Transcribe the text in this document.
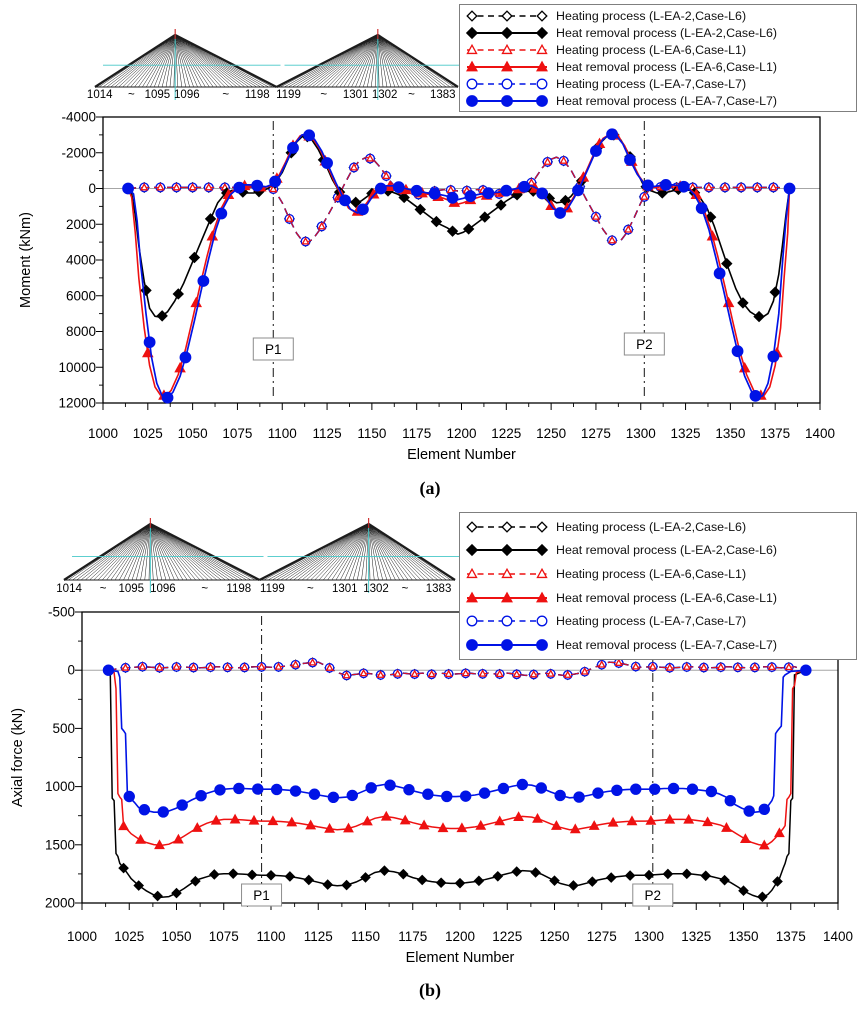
1000 1025 1050 1075 1100 1125 1150 1175 1200 1225 1250 1275 1300 1325 1350 1375 1400
Element Number
-4000
-2000
0
2000
4000
6000
8000
10000
12000
Moment (kNm)
P1	P2
1014 ~ 1095 1096 ~ 1198 1199 ~ 1301 1302 ~ 1383
1000 1025 1050 1075 1100 1125 1150 1175 1200 1225 1250 1275 1300 1325 1350 1375 1400
Element Number
-500
0
500
1000
1500
2000
Axial force (kN)
P1	P2
1014 ~ 1095 1096 ~ 1198 1199 ~ 1301 1302 ~ 1383
Heating process (L-EA-2,Case-L6)
Heat removal process (L-EA-2,Case-L6)
Heating process (L-EA-6,Case-L1)
Heat removal process (L-EA-6,Case-L1)
Heating process (L-EA-7,Case-L7)
Heat removal process (L-EA-7,Case-L7)
Heating process (L-EA-2,Case-L6)
Heat removal process (L-EA-2,Case-L6)
Heating process (L-EA-6,Case-L1)
Heat removal process (L-EA-6,Case-L1)
Heating process (L-EA-7,Case-L7)
Heat removal process (L-EA-7,Case-L7)
(a)
(b)
